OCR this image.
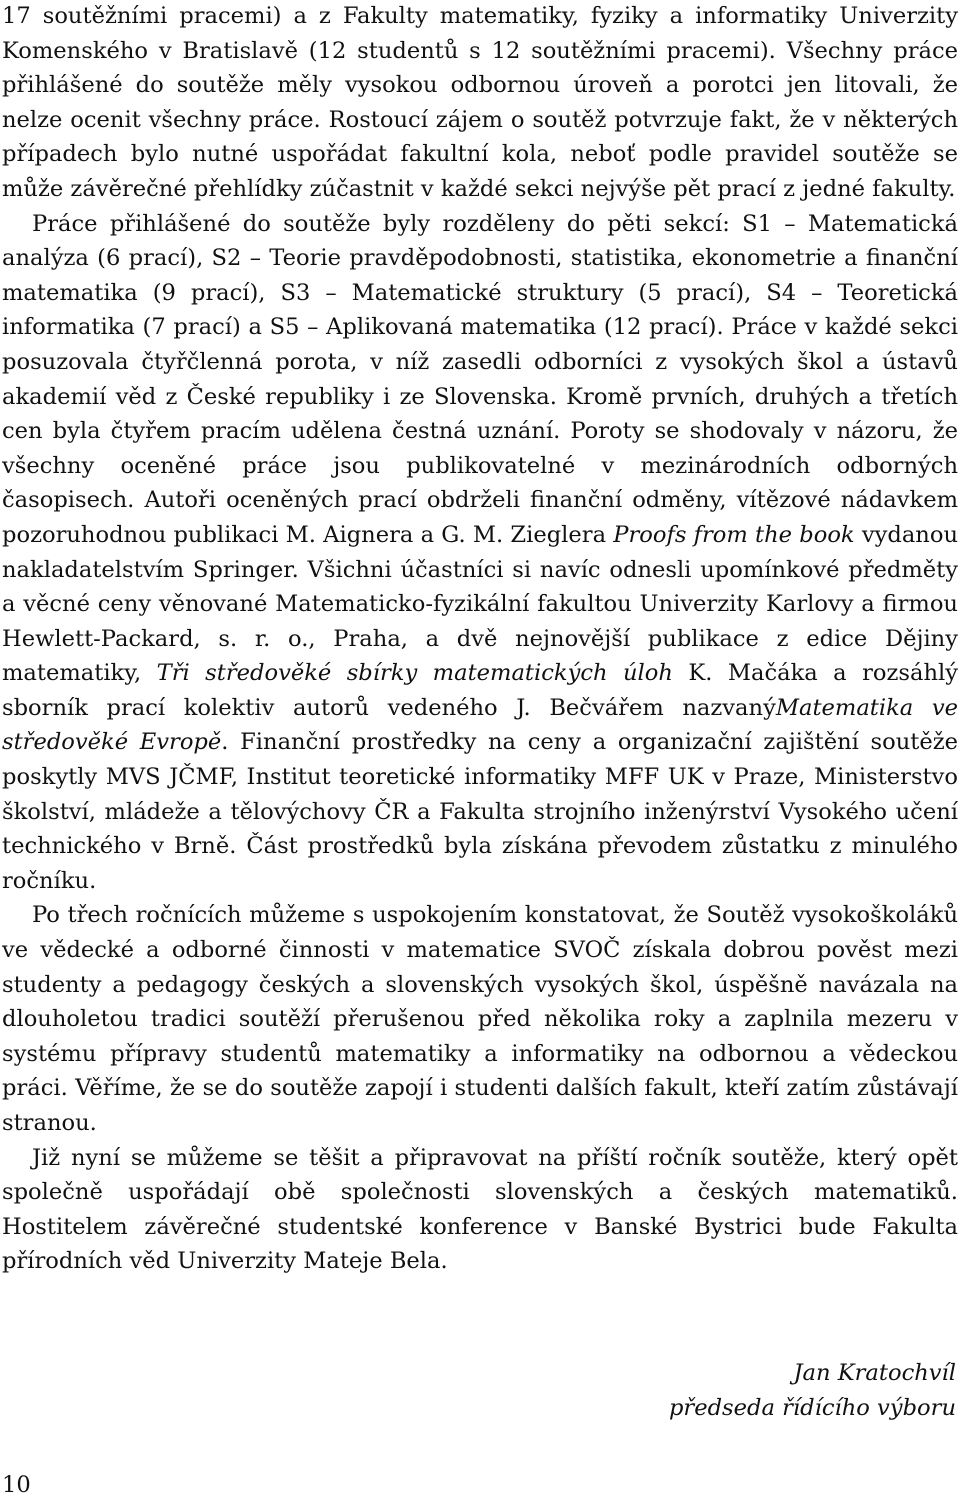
17 soutěžními pracemi) a z Fakulty matematiky, fyziky a informatiky Univerzity Komenského v Bratislavě (12 studentů s 12 soutěžními pracemi). Všechny práce přihlášené do soutěže měly vysokou odbornou úroveň a porotci jen litovali, že nelze ocenit všechny práce. Rostoucí zájem o soutěž potvrzuje fakt, že v některých případech bylo nutné uspořádat fakultní kola, neboť podle pravidel soutěže se může závěrečné přehlídky zúčastnit v každé sekci nejvýše pět prací z jedné fakulty.

Práce přihlášené do soutěže byly rozděleny do pěti sekcí: S1 – Matematická analýza (6 prací), S2 – Teorie pravděpodobnosti, statistika, ekonometrie a finanční matematika (9 prací), S3 – Matematické struktury (5 prací), S4 – Teoretická informatika (7 prací) a S5 – Aplikovaná matematika (12 prací). Práce v každé sekci posuzovala čtyřčlenná porota, v níž zasedli odborníci z vysokých škol a ústavů akademií věd z České republiky i ze Slovenska. Kromě prvních, druhých a třetích cen byla čtyřem pracím udělena čestná uznání. Poroty se shodovaly v názoru, že všechny oceněné práce jsou publikovatelné v mezinárodních odborných časopisech. Autoři oceněných prací obdrželi finanční odměny, vítězové nádavkem pozoruhodnou publikaci M. Aignera a G. M. Zieglera Proofs from the book vydanou nakladatelstvím Springer. Všichni účastníci si navíc odnesli upomínkové předměty a věcné ceny věnované Matematicko-fyzikální fakultou Univerzity Karlovy a firmou Hewlett-Packard, s. r. o., Praha, a dvě nejnovější publikace z edice Dějiny matematiky, Tři středověké sbírky matematických úloh K. Mačáka a rozsáhlý sborník prací kolektiv autorů vedeného J. Bečvářem nazvanýMatematika ve středověké Evropě. Finanční prostředky na ceny a organizační zajištění soutěže poskytly MVS JČMF, Institut teoretické informatiky MFF UK v Praze, Ministerstvo školství, mládeže a tělovýchovy ČR a Fakulta strojního inženýrství Vysokého učení technického v Brně. Část prostředků byla získána převodem zůstatku z minulého ročníku.

Po třech ročnících můžeme s uspokojením konstatovat, že Soutěž vysokoškoláků ve vědecké a odborné činnosti v matematice SVOČ získala dobrou pověst mezi studenty a pedagogy českých a slovenských vysokých škol, úspěšně navázala na dlouholetou tradici soutěží přerušenou před několika roky a zaplnila mezeru v systému přípravy studentů matematiky a informatiky na odbornou a vědeckou práci. Věříme, že se do soutěže zapojí i studenti dalších fakult, kteří zatím zůstávají stranou.

Již nyní se můžeme se těšit a připravovat na příští ročník soutěže, který opět společně uspořádají obě společnosti slovenských a českých matematiků. Hostitelem závěrečné studentské konference v Banské Bystrici bude Fakulta přírodních věd Univerzity Mateje Bela.

Jan Kratochvíl
předseda řídícího výboru
10
